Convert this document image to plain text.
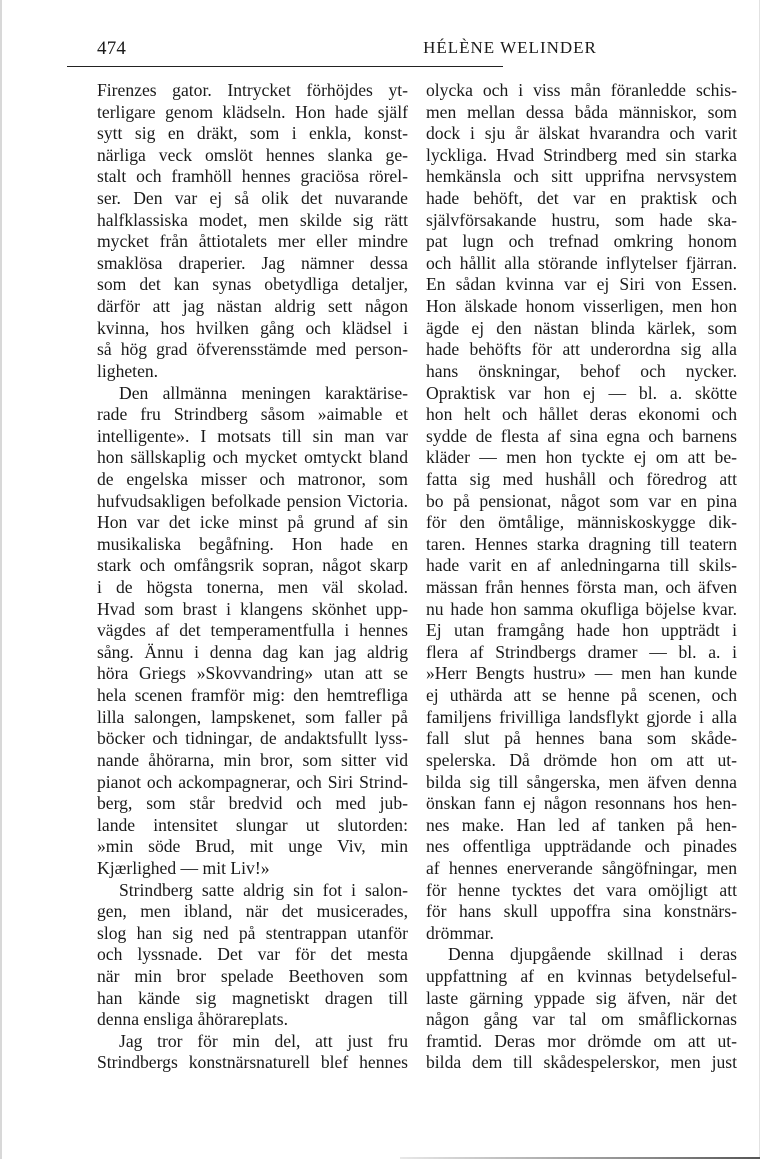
474	HÉLÈNE WELINDER
Firenzes gator. Intrycket förhöjdes yt-
terligare genom klädseln. Hon hade själf
sytt sig en dräkt, som i enkla, konst-
närliga veck omslöt hennes slanka ge-
stalt och framhöll hennes graciösa rörel-
ser. Den var ej så olik det nuvarande
halfklassiska modet, men skilde sig rätt
mycket från åttiotalets mer eller mindre
smaklösa draperier. Jag nämner dessa
som det kan synas obetydliga detaljer,
därför att jag nästan aldrig sett någon
kvinna, hos hvilken gång och klädsel i
så hög grad öfverensstämde med person-
ligheten.
Den allmänna meningen karaktärise-
rade fru Strindberg såsom »aimable et
intelligente». I motsats till sin man var
hon sällskaplig och mycket omtyckt bland
de engelska misser och matronor, som
hufvudsakligen befolkade pension Victoria.
Hon var det icke minst på grund af sin
musikaliska begåfning. Hon hade en
stark och omfångsrik sopran, något skarp
i de högsta tonerna, men väl skolad.
Hvad som brast i klangens skönhet upp-
vägdes af det temperamentfulla i hennes
sång. Ännu i denna dag kan jag aldrig
höra Griegs »Skovvandring» utan att se
hela scenen framför mig: den hemtrefliga
lilla salongen, lampskenet, som faller på
böcker och tidningar, de andaktsfullt lyss-
nande åhörarna, min bror, som sitter vid
pianot och ackompagnerar, och Siri Strind-
berg, som står bredvid och med jub-
lande intensitet slungar ut slutorden:
»min söde Brud, mit unge Viv, min
Kjærlighed — mit Liv!»
Strindberg satte aldrig sin fot i salon-
gen, men ibland, när det musicerades,
slog han sig ned på stentrappan utanför
och lyssnade. Det var för det mesta
när min bror spelade Beethoven som
han kände sig magnetiskt dragen till
denna ensliga åhörareplats.
Jag tror för min del, att just fru
Strindbergs konstnärsnaturell blef hennes
olycka och i viss mån föranledde schis-
men mellan dessa båda människor, som
dock i sju år älskat hvarandra och varit
lyckliga. Hvad Strindberg med sin starka
hemkänsla och sitt upprifna nervsystem
hade behöft, det var en praktisk och
självförsakande hustru, som hade ska-
pat lugn och trefnad omkring honom
och hållit alla störande inflytelser fjärran.
En sådan kvinna var ej Siri von Essen.
Hon älskade honom visserligen, men hon
ägde ej den nästan blinda kärlek, som
hade behöfts för att underordna sig alla
hans önskningar, behof och nycker.
Opraktisk var hon ej — bl. a. skötte
hon helt och hållet deras ekonomi och
sydde de flesta af sina egna och barnens
kläder — men hon tyckte ej om att be-
fatta sig med hushåll och föredrog att
bo på pensionat, något som var en pina
för den ömtålige, människoskygge dik-
taren. Hennes starka dragning till teatern
hade varit en af anledningarna till skils-
mässan från hennes första man, och äfven
nu hade hon samma okufliga böjelse kvar.
Ej utan framgång hade hon uppträdt i
flera af Strindbergs dramer — bl. a. i
»Herr Bengts hustru» — men han kunde
ej uthärda att se henne på scenen, och
familjens frivilliga landsflykt gjorde i alla
fall slut på hennes bana som skåde-
spelerska. Då drömde hon om att ut-
bilda sig till sångerska, men äfven denna
önskan fann ej någon resonnans hos hen-
nes make. Han led af tanken på hen-
nes offentliga uppträdande och pinades
af hennes enerverande sångöfningar, men
för henne tycktes det vara omöjligt att
för hans skull uppoffra sina konstnärs-
drömmar.
Denna djupgående skillnad i deras
uppfattning af en kvinnas betydelseful-
laste gärning yppade sig äfven, när det
någon gång var tal om småflickornas
framtid. Deras mor drömde om att ut-
bilda dem till skådespelerskor, men just
